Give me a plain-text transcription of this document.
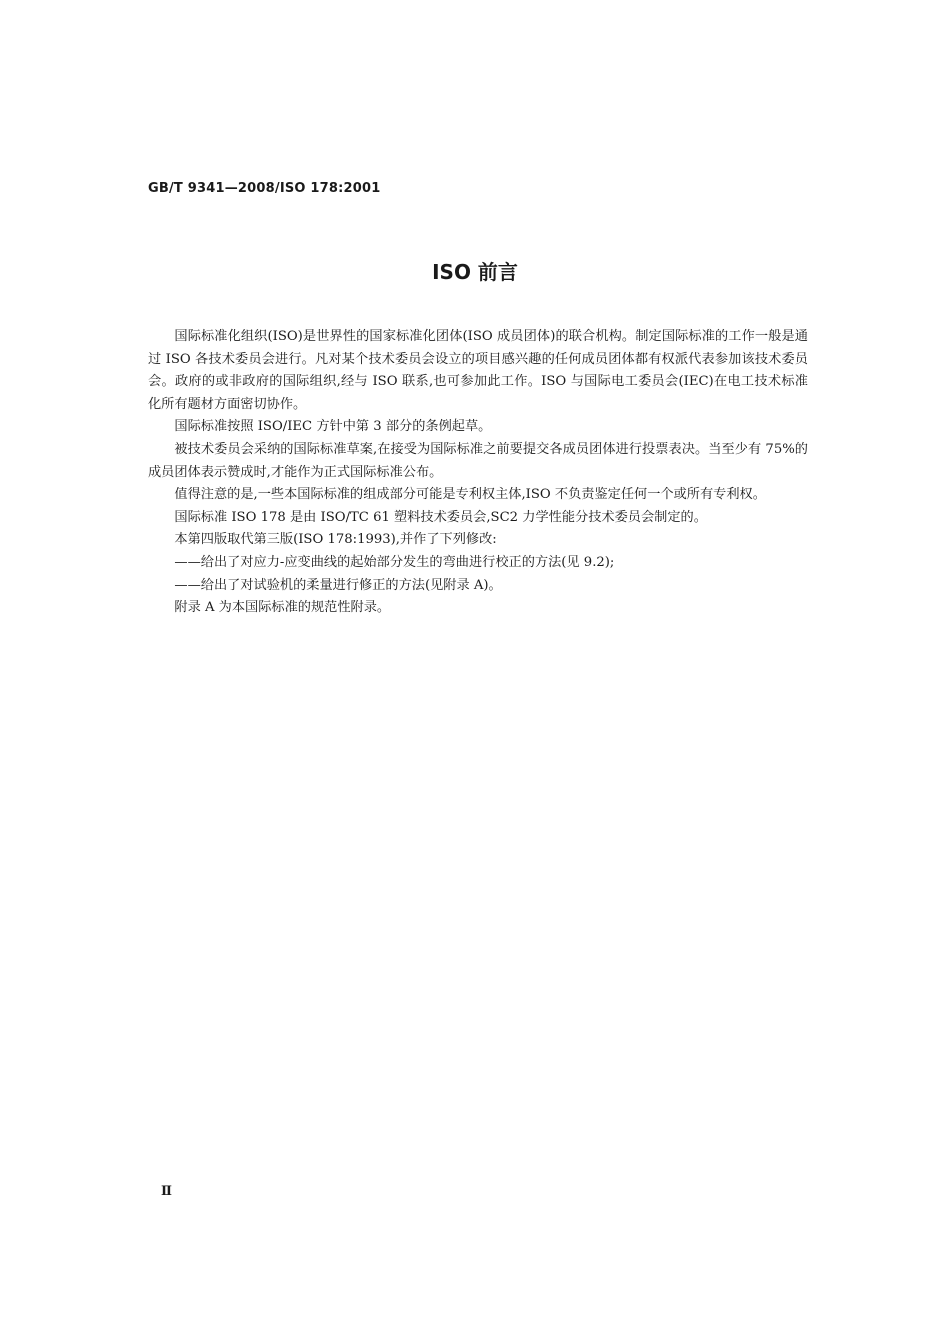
GB/T 9341—2008/ISO 178:2001
ISO 前言

国际标准化组织(ISO)是世界性的国家标准化团体(ISO 成员团体)的联合机构。制定国际标准的工作一般是通过 ISO 各技术委员会进行。凡对某个技术委员会设立的项目感兴趣的任何成员团体都有权派代表参加该技术委员会。政府的或非政府的国际组织,经与 ISO 联系,也可参加此工作。ISO 与国际电工委员会(IEC)在电工技术标准化所有题材方面密切协作。

国际标准按照 ISO/IEC 方针中第 3 部分的条例起草。

被技术委员会采纳的国际标准草案,在接受为国际标准之前要提交各成员团体进行投票表决。当至少有 75%的成员团体表示赞成时,才能作为正式国际标准公布。

值得注意的是,一些本国际标准的组成部分可能是专利权主体,ISO 不负责鉴定任何一个或所有专利权。

国际标准 ISO 178 是由 ISO/TC 61 塑料技术委员会,SC2 力学性能分技术委员会制定的。

本第四版取代第三版(ISO 178:1993),并作了下列修改:

——给出了对应力-应变曲线的起始部分发生的弯曲进行校正的方法(见 9.2);

——给出了对试验机的柔量进行修正的方法(见附录 A)。

附录 A 为本国际标准的规范性附录。

Ⅱ
